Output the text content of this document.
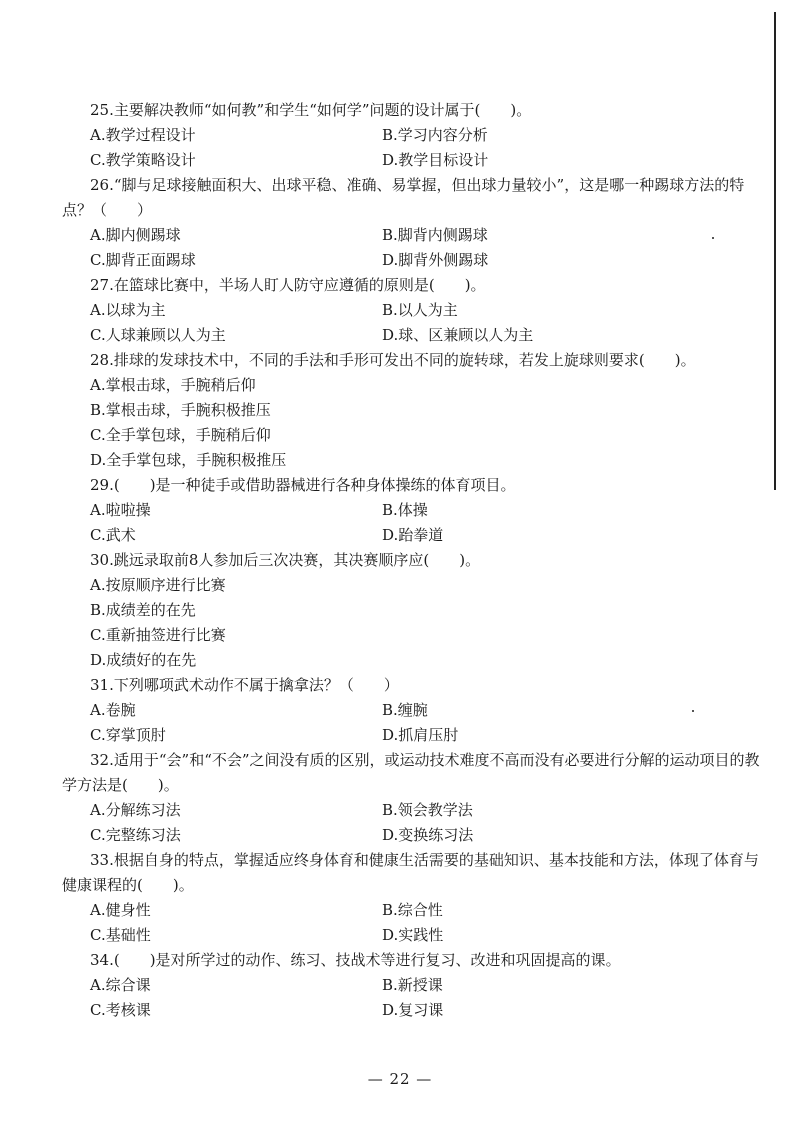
25.主要解决教师“如何教”和学生“如何学”问题的设计属于(　　)。
A.教学过程设计	B.学习内容分析
C.教学策略设计	D.教学目标设计
26.“脚与足球接触面积大、出球平稳、准确、易掌握，但出球力量较小”，这是哪一种踢球方法的特点？（　　）
A.脚内侧踢球	B.脚背内侧踢球
C.脚背正面踢球	D.脚背外侧踢球
27.在篮球比赛中，半场人盯人防守应遵循的原则是(　　)。
A.以球为主	B.以人为主
C.人球兼顾以人为主	D.球、区兼顾以人为主
28.排球的发球技术中，不同的手法和手形可发出不同的旋转球，若发上旋球则要求(　　)。
A.掌根击球，手腕稍后仰
B.掌根击球，手腕积极推压
C.全手掌包球，手腕稍后仰
D.全手掌包球，手腕积极推压
29.(　　)是一种徒手或借助器械进行各种身体操练的体育项目。
A.啦啦操	B.体操
C.武术	D.跆拳道
30.跳远录取前8人参加后三次决赛，其决赛顺序应(　　)。
A.按原顺序进行比赛
B.成绩差的在先
C.重新抽签进行比赛
D.成绩好的在先
31.下列哪项武术动作不属于擒拿法？（　　）
A.卷腕	B.缠腕
C.穿掌顶肘	D.抓肩压肘
32.适用于“会”和“不会”之间没有质的区别，或运动技术难度不高而没有必要进行分解的运动项目的教学方法是(　　)。
A.分解练习法	B.领会教学法
C.完整练习法	D.变换练习法
33.根据自身的特点，掌握适应终身体育和健康生活需要的基础知识、基本技能和方法，体现了体育与健康课程的(　　)。
A.健身性	B.综合性
C.基础性	D.实践性
34.(　　)是对所学过的动作、练习、技战术等进行复习、改进和巩固提高的课。
A.综合课	B.新授课
C.考核课	D.复习课
— 22 —
